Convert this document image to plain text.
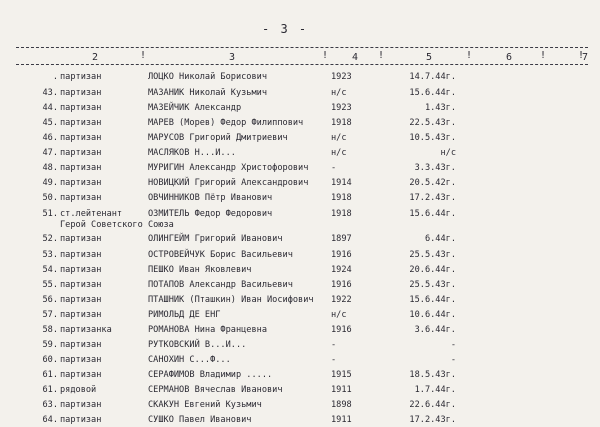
- 3 -
!	!	!	!	!	!
2	3	4	5	6	7
. партизан	ЛОЦКО Николай Борисович	1923	14.7.44г.
43. партизан	МАЗАНИК Николай Кузьмич	н/с	15.6.44г.
44. партизан	МАЗЕЙЧИК Александр	1923	1.43г.
45. партизан	МАРЕВ (Морев) Федор Филиппович	1918	22.5.43г.
46. партизан	МАРУСОВ Григорий Дмитриевич	н/с	10.5.43г.
47. партизан	МАСЛЯКОВ Н...И...	н/с	н/с
48. партизан	МУРИГИН Александр Христофорович	-	3.3.43г.
49. партизан	НОВИЦКИЙ Григорий Александрович	1914	20.5.42г.
50. партизан	ОВЧИННИКОВ Пётр Иванович	1918	17.2.43г.
51. ст.лейтенант	ОЗМИТЕЛЬ Федор Федорович	1918	15.6.44г.
Герой Советского Союза
52. партизан	ОЛИНГЕЙМ Григорий Иванович	1897	6.44г.
53. партизан	ОСТРОВЕЙЧУК Борис Васильевич	1916	25.5.43г.
54. партизан	ПЕШКО Иван Яковлевич	1924	20.6.44г.
55. партизан	ПОТАПОВ Александр Васильевич	1916	25.5.43г.
56. партизан	ПТАШНИК (Пташкин) Иван Иосифович 1922	15.6.44г.
57. партизан	РИМОЛЬД ДЕ ЕНГ	н/с	10.6.44г.
58. партизанка	РОМАНОВА Нина Францевна	1916	3.6.44г.
59. партизан	РУТКОВСКИЙ В...И...	-	-
60. партизан	САНОХИН С...Ф...	-	-
61. партизан	СЕРАФИМОВ Владимир .....	1915	18.5.43г.
61. рядовой	СЕРМАНОВ Вячеслав Иванович	1911	1.7.44г.
63. партизан	СКАКУН Евгений Кузьмич	1898	22.6.44г.
64. партизан	СУШКО Павел Иванович	1911	17.2.43г.
